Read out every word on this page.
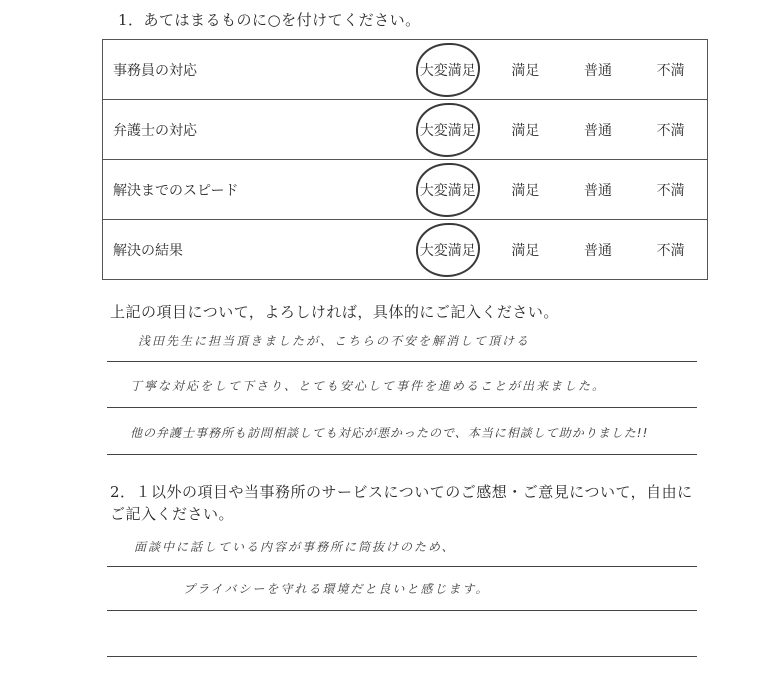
1．あてはまるものに○を付けてください。
事務員の対応	大変満足	満足	普通	不満
弁護士の対応	大変満足	満足	普通	不満
解決までのスピード	大変満足	満足	普通	不満
解決の結果	大変満足	満足	普通	不満
上記の項目について，よろしければ，具体的にご記入ください。
浅田先生に担当頂きましたが、こちらの不安を解消して頂ける
丁寧な対応をして下さり、とても安心して事件を進めることが出来ました。
他の弁護士事務所も訪問相談しても対応が悪かったので、本当に相談して助かりました!!
2．１以外の項目や当事務所のサービスについてのご感想・ご意見について，自由にご記入ください。
面談中に話している内容が事務所に筒抜けのため、
プライバシーを守れる環境だと良いと感じます。
